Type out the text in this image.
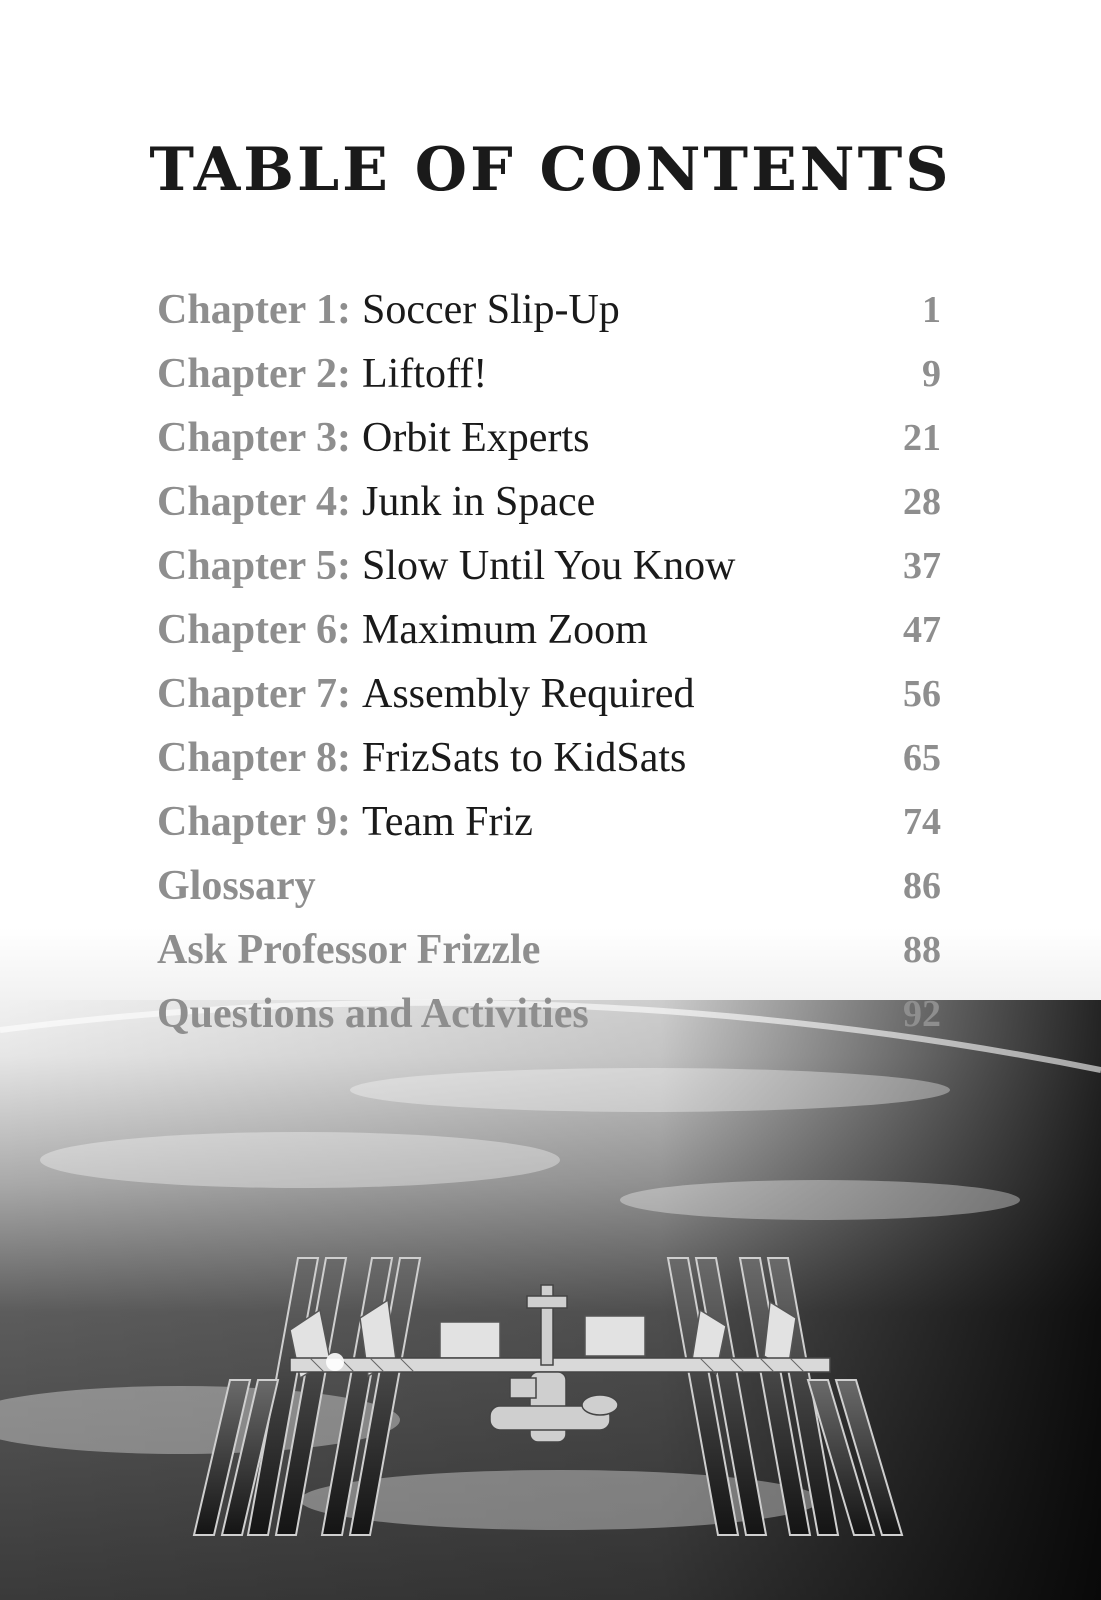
TABLE OF CONTENTS
Chapter 1: Soccer Slip-Up	1
Chapter 2: Liftoff!	9
Chapter 3: Orbit Experts	21
Chapter 4: Junk in Space	28
Chapter 5: Slow Until You Know	37
Chapter 6: Maximum Zoom	47
Chapter 7: Assembly Required	56
Chapter 8: FrizSats to KidSats	65
Chapter 9: Team Friz	74
Glossary	86
Ask Professor Frizzle	88
Questions and Activities	92
